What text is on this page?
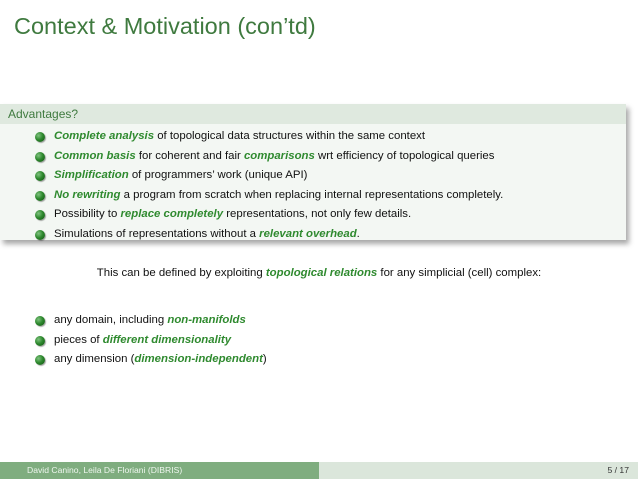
Context & Motivation (con’td)
Advantages?
Complete analysis of topological data structures within the same context
Common basis for coherent and fair comparisons wrt efficiency of topological queries
Simplification of programmers’ work (unique API)
No rewriting a program from scratch when replacing internal representations completely.
Possibility to replace completely representations, not only few details.
Simulations of representations without a relevant overhead.
This can be defined by exploiting topological relations for any simplicial (cell) complex:
any domain, including non-manifolds
pieces of different dimensionality
any dimension (dimension-independent)
David Canino, Leila De Floriani (DIBRIS)	5 / 17
